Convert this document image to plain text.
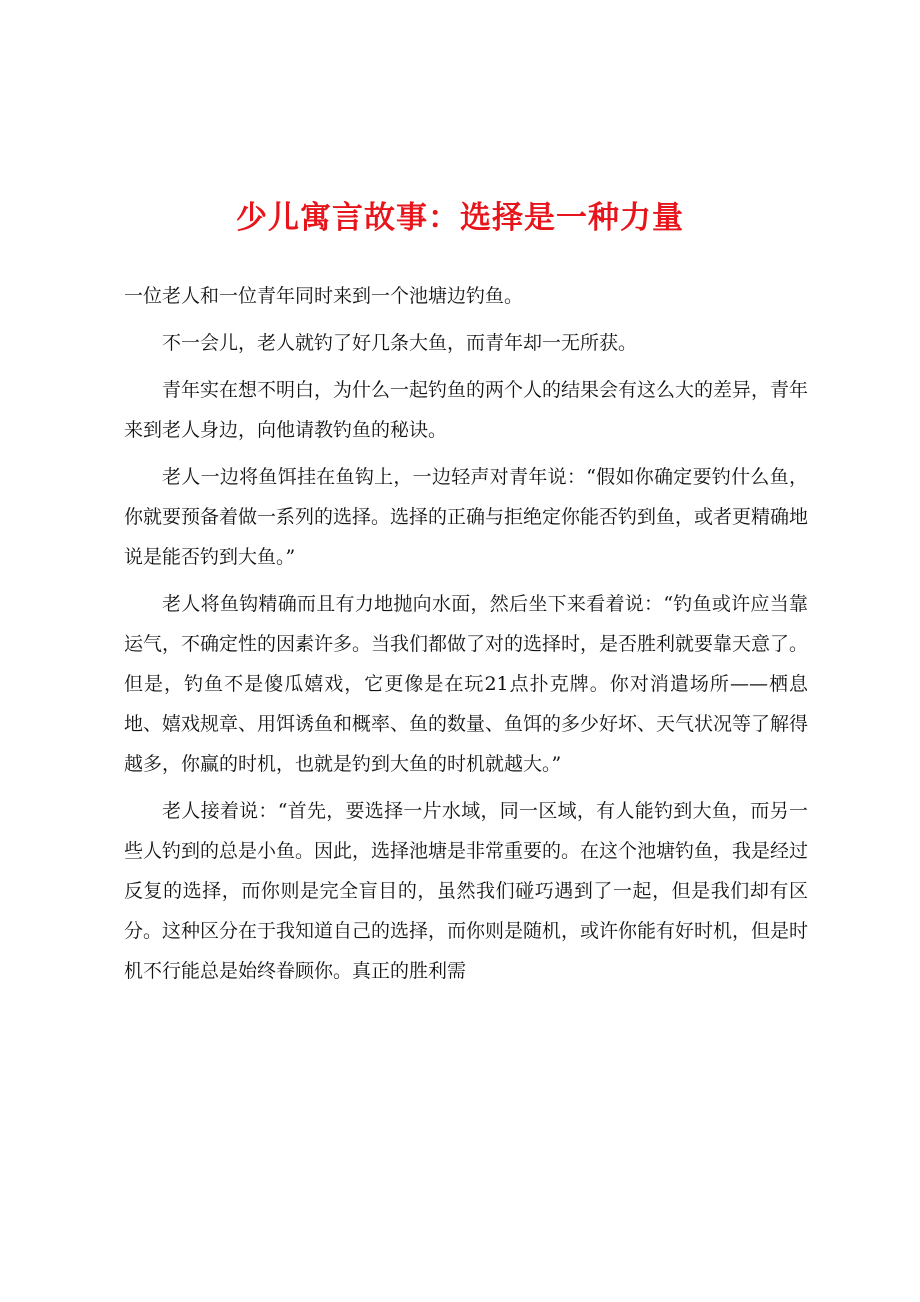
少儿寓言故事：选择是一种力量

一位老人和一位青年同时来到一个池塘边钓鱼。

不一会儿，老人就钓了好几条大鱼，而青年却一无所获。

青年实在想不明白，为什么一起钓鱼的两个人的结果会有这么大的差异，青年来到老人身边，向他请教钓鱼的秘诀。

老人一边将鱼饵挂在鱼钩上，一边轻声对青年说：“假如你确定要钓什么鱼，你就要预备着做一系列的选择。选择的正确与拒绝定你能否钓到鱼，或者更精确地说是能否钓到大鱼。”

老人将鱼钩精确而且有力地抛向水面，然后坐下来看着说：“钓鱼或许应当靠运气，不确定性的因素许多。当我们都做了对的选择时，是否胜利就要靠天意了。但是，钓鱼不是傻瓜嬉戏，它更像是在玩21点扑克牌。你对消遣场所——栖息地、嬉戏规章、用饵诱鱼和概率、鱼的数量、鱼饵的多少好坏、天气状况等了解得越多，你赢的时机，也就是钓到大鱼的时机就越大。”

老人接着说：“首先，要选择一片水域，同一区域，有人能钓到大鱼，而另一些人钓到的总是小鱼。因此，选择池塘是非常重要的。在这个池塘钓鱼，我是经过反复的选择，而你则是完全盲目的，虽然我们碰巧遇到了一起，但是我们却有区分。这种区分在于我知道自己的选择，而你则是随机，或许你能有好时机，但是时机不行能总是始终眷顾你。真正的胜利需
